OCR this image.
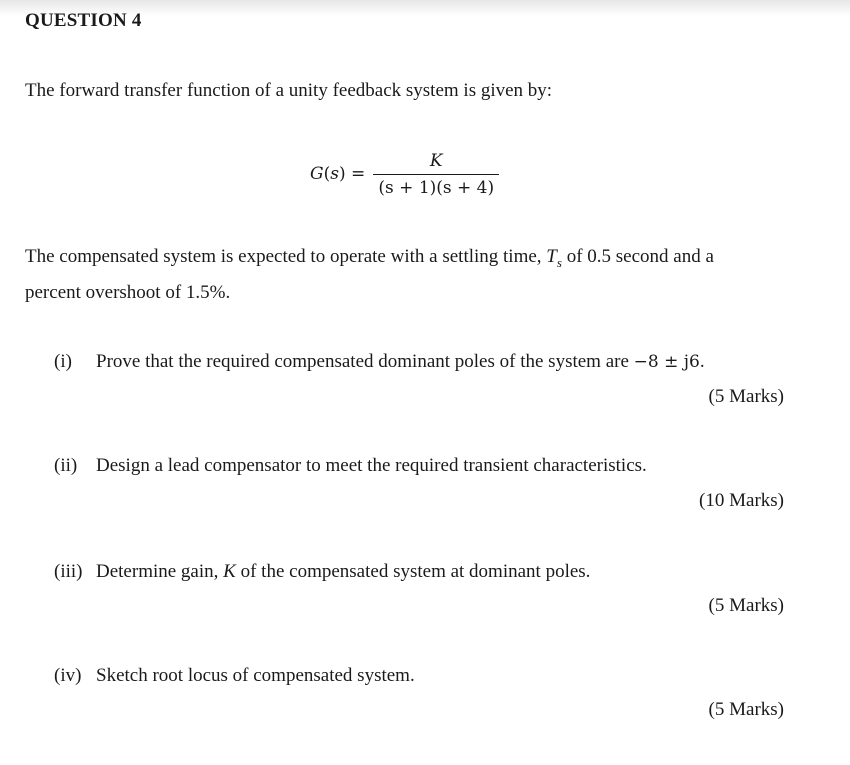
QUESTION 4
The forward transfer function of a unity feedback system is given by:
$G(s) = \frac{K}{(s + 1)(s + 4)}$
The compensated system is expected to operate with a settling time, $T_s$ of 0.5 second and a
percent overshoot of 1.5%.
(i) Prove that the required compensated dominant poles of the system are −8 ± j6.
(5 Marks)
(ii) Design a lead compensator to meet the required transient characteristics.
(10 Marks)
(iii) Determine gain, K of the compensated system at dominant poles.
(5 Marks)
(iv) Sketch root locus of compensated system.
(5 Marks)
